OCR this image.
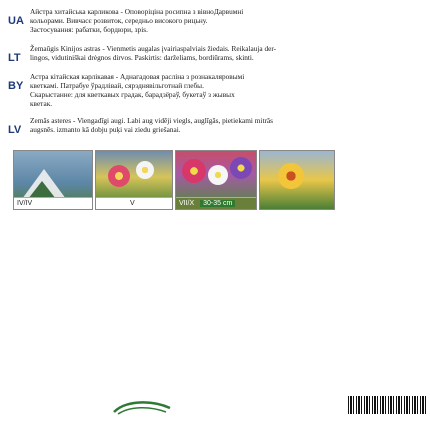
Айстра хитайська карликова - Оповорiцiна росипна з вiвноДарвuмнi
UA кольорами. Вивчасє розвиток, середньо високого рицьну.
Застосування: рабатки, бордюри, зpis.
Žemaūgis Kinijos astras - Vienmetis augalas įvairiaspalviais žiedais. Reikalauja der-
LT	lingos, vidutiniškai drėgnos dirvos. Paskirtis: darželiams, bordiūrams, skinti.
Астра кітайская карлікавая - Аднагадовая расліна з рознакаляровымі
BY кветкамі. Патрабуе ўрадлівай, сярэднявільготнай глебы.
Скарыстанне: для кветкавых градак, барадзёраў, букетаў з жывых
кветак.
Zemās asteres - Viengadīgi augi. Labi aug vidēji viegls, auglīgās, pietiekami mitrās
LV	augsnēs. izmanto kā dobju puķi vai ziedu griešanai.
IV/IV	V	VII/X 30-35 cm
